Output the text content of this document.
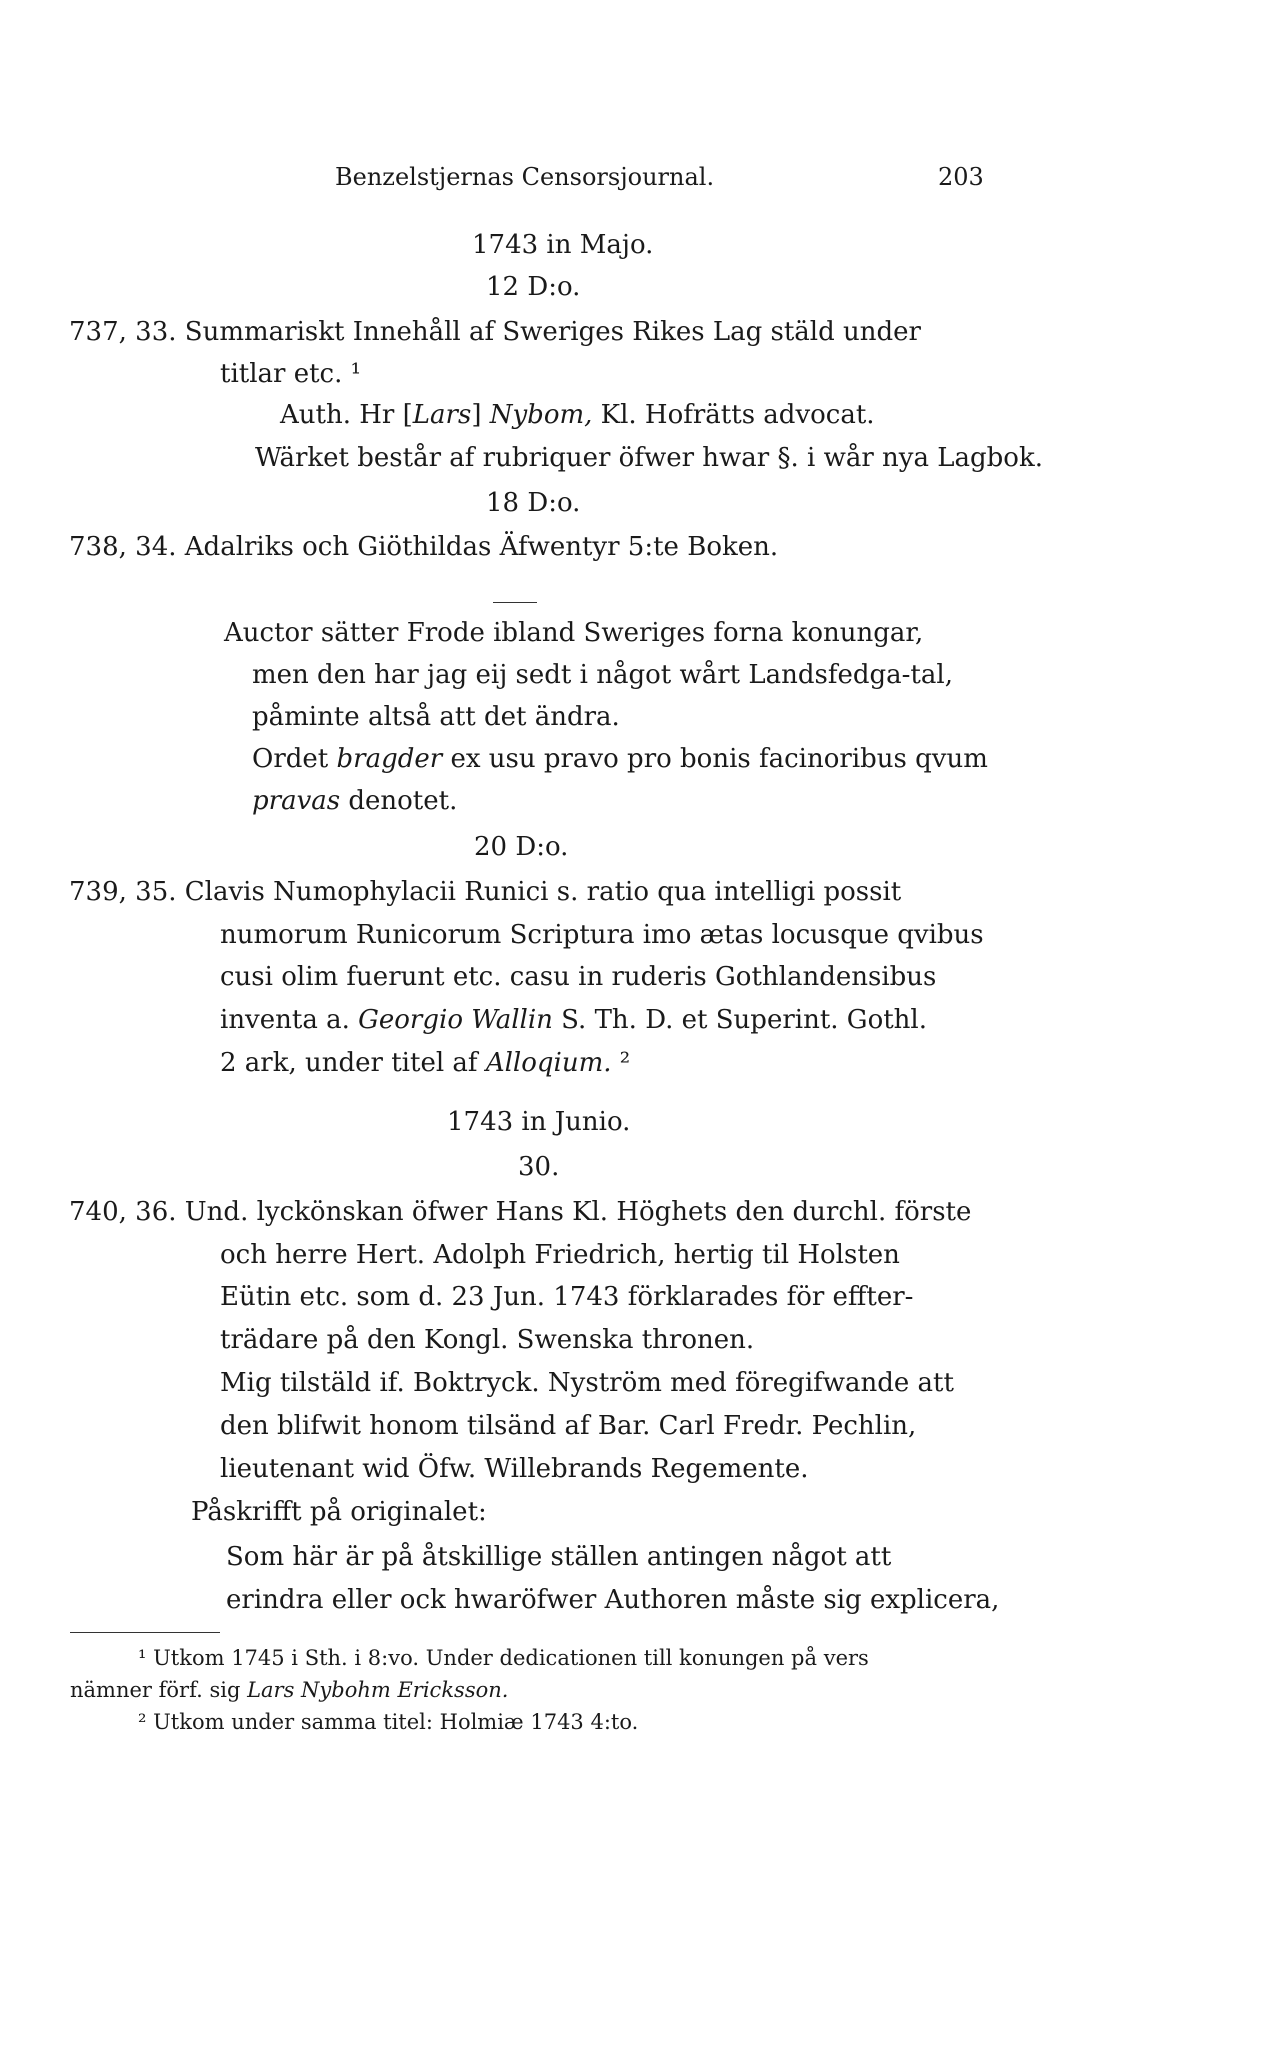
Benzelstjernas Censorsjournal.	203
1743 in Majo.
12 D:o.
737, 33. Summariskt Innehåll af Sweriges Rikes Lag stäld under
titlar etc. ¹
Auth. Hr [Lars] Nybom, Kl. Hofrätts advocat.
Wärket består af rubriquer öfwer hwar §. i wår nya Lagbok.
18 D:o.
738, 34. Adalriks och Giöthildas Äfwentyr 5:te Boken.
Auctor sätter Frode ibland Sweriges forna konungar,
men den har jag eij sedt i något wårt Landsfedga-tal,
påminte altså att det ändra.
Ordet bragder ex usu pravo pro bonis facinoribus qvum
pravas denotet.
20 D:o.
739, 35. Clavis Numophylacii Runici s. ratio qua intelligi possit
numorum Runicorum Scriptura imo ætas locusque qvibus
cusi olim fuerunt etc. casu in ruderis Gothlandensibus
inventa a. Georgio Wallin S. Th. D. et Superint. Gothl.
2 ark, under titel af Alloqium. ²
1743 in Junio.
30.
740, 36. Und. lyckönskan öfwer Hans Kl. Höghets den durchl. förste
och herre Hert. Adolph Friedrich, hertig til Holsten
Eütin etc. som d. 23 Jun. 1743 förklarades för effter-
trädare på den Kongl. Swenska thronen.
Mig tilstäld if. Boktryck. Nyström med föregifwande att
den blifwit honom tilsänd af Bar. Carl Fredr. Pechlin,
lieutenant wid Öfw. Willebrands Regemente.
Påskrifft på originalet:
Som här är på åtskillige ställen antingen något att
erindra eller ock hwaröfwer Authoren måste sig explicera,
¹ Utkom 1745 i Sth. i 8:vo. Under dedicationen till konungen på vers
nämner förf. sig Lars Nybohm Ericksson.
² Utkom under samma titel: Holmiæ 1743 4:to.
